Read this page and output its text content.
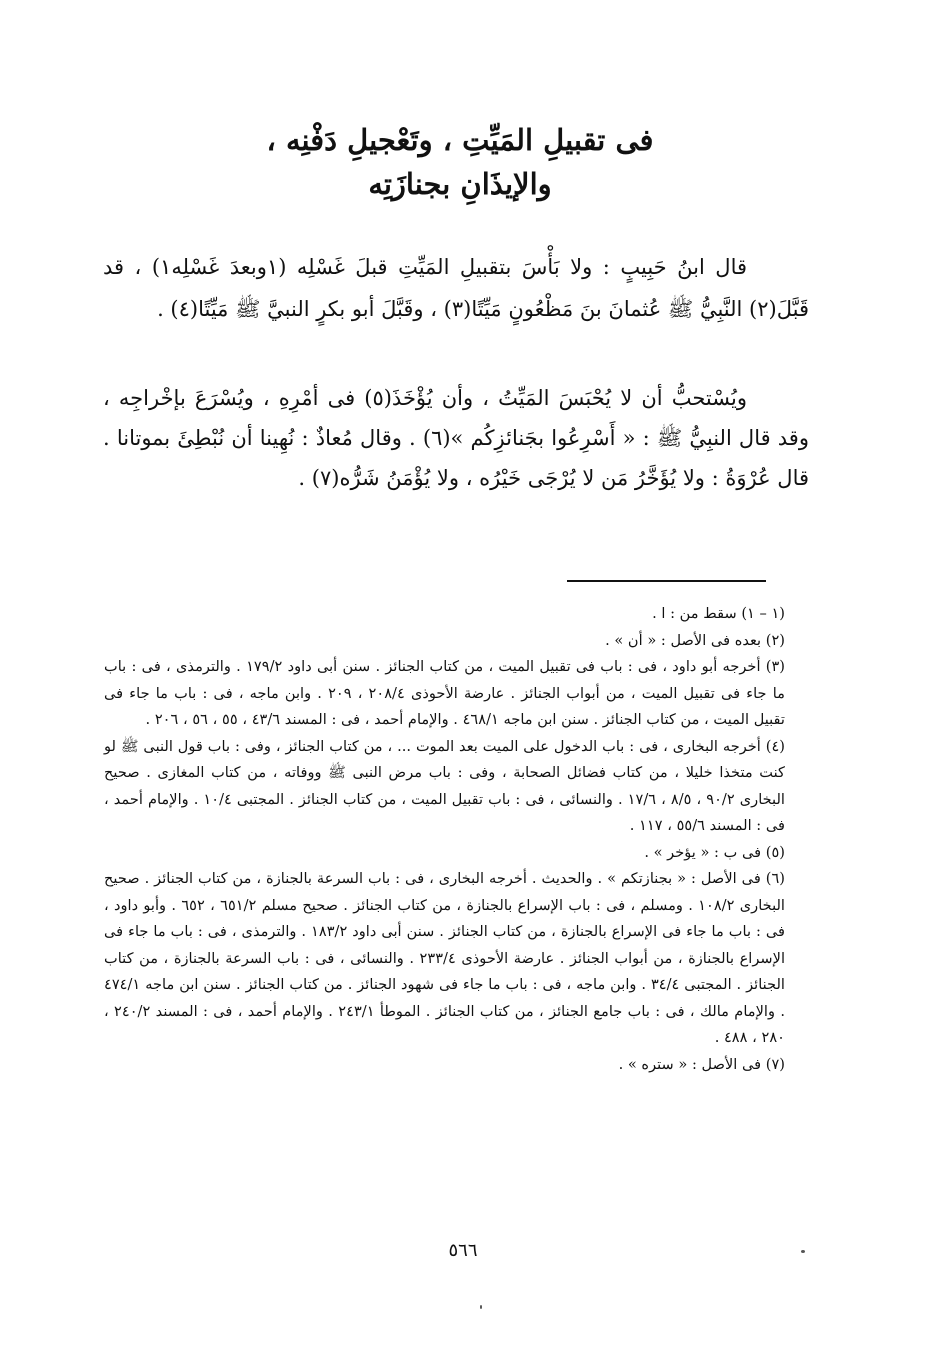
فى تقبيلِ المَيِّتِ ، وتَعْجيلِ دَفْنِه ،
والإيذَانِ بجنازَتِه
قال ابنُ حَبِيبٍ : ولا بَأْسَ بتقبيلِ المَيِّتِ قبلَ غَسْلِه (١وبعدَ غَسْلِه١) ، قد قَبَّلَ(٢) النَّبِيُّ ﷺ عُثمانَ بنَ مَظْعُونٍ مَيِّتًا(٣) ، وقَبَّلَ أبو بكرٍ النبيَّ ﷺ مَيِّتًا(٤) .
ويُسْتحبُّ أن لا يُحْبَسَ المَيِّتُ ، وأن يُؤْخَذَ(٥) فى أمْرِهِ ، ويُسْرَعَ بإخْراجِه ، وقد قال النبِيُّ ﷺ : « أَسْرِعُوا بجَنائزِكُم »(٦) . وقال مُعاذٌ : نُهِينا أن نُبْطِئَ بموتانا . قال عُرْوَةُ : ولا يُؤَخَّرُ مَن لا يُرْجَى خَيْرُه ، ولا يُؤْمَنُ شَرُّه(٧) .
(١ – ١) سقط من : ا .
(٢) بعده فى الأصل : « أن » .
(٣) أخرجه أبو داود ، فى : باب فى تقبيل الميت ، من كتاب الجنائز . سنن أبى داود ١٧٩/٢ . والترمذى ، فى : باب ما جاء فى تقبيل الميت ، من أبواب الجنائز . عارضة الأحوذى ٢٠٨/٤ ، ٢٠٩ . وابن ماجه ، فى : باب ما جاء فى تقبيل الميت ، من كتاب الجنائز . سنن ابن ماجه ٤٦٨/١ . والإمام أحمد ، فى : المسند ٤٣/٦ ، ٥٥ ، ٥٦ ، ٢٠٦ .
(٤) أخرجه البخارى ، فى : باب الدخول على الميت بعد الموت ... ، من كتاب الجنائز ، وفى : باب قول النبى ﷺ لو كنت متخذا خليلا ، من كتاب فضائل الصحابة ، وفى : باب مرض النبى ﷺ ووفاته ، من كتاب المغازى . صحيح البخارى ٩٠/٢ ، ٨/٥ ، ١٧/٦ . والنسائى ، فى : باب تقبيل الميت ، من كتاب الجنائز . المجتبى ١٠/٤ . والإمام أحمد ، فى : المسند ٥٥/٦ ، ١١٧ .
(٥) فى ب : « يؤخر » .
(٦) فى الأصل : « بجنازتكم » . والحديث . أخرجه البخارى ، فى : باب السرعة بالجنازة ، من كتاب الجنائز . صحيح البخارى ١٠٨/٢ . ومسلم ، فى : باب الإسراع بالجنازة ، من كتاب الجنائز . صحيح مسلم ٦٥١/٢ ، ٦٥٢ . وأبو داود ، فى : باب ما جاء فى الإسراع بالجنازة ، من كتاب الجنائز . سنن أبى داود ١٨٣/٢ . والترمذى ، فى : باب ما جاء فى الإسراع بالجنازة ، من أبواب الجنائز . عارضة الأحوذى ٢٣٣/٤ . والنسائى ، فى : باب السرعة بالجنازة ، من كتاب الجنائز . المجتبى ٣٤/٤ . وابن ماجه ، فى : باب ما جاء فى شهود الجنائز . من كتاب الجنائز . سنن ابن ماجه ٤٧٤/١ . والإمام مالك ، فى : باب جامع الجنائز ، من كتاب الجنائز . الموطأ ٢٤٣/١ . والإمام أحمد ، فى : المسند ٢٤٠/٢ ، ٢٨٠ ، ٤٨٨ .
(٧) فى الأصل : « ستره » .
٥٦٦
